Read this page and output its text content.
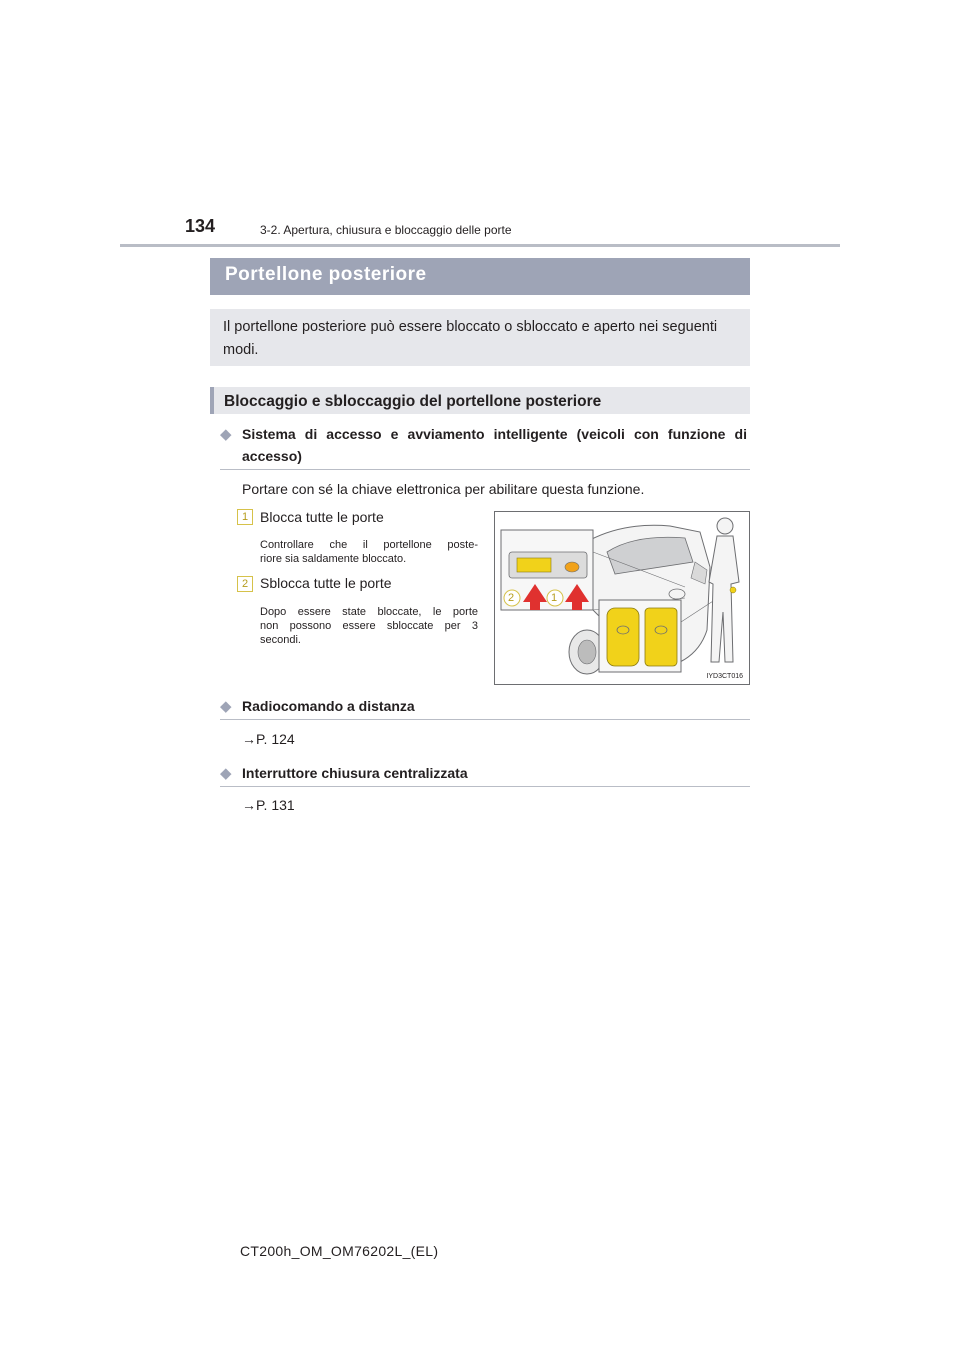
134	3-2. Apertura, chiusura e bloccaggio delle porte
Portellone posteriore
Il portellone posteriore può essere bloccato o sbloccato e aperto nei seguenti modi.
Bloccaggio e sbloccaggio del portellone posteriore
◆ Sistema di accesso e avviamento intelligente (veicoli con funzione di
accesso)
Portare con sé la chiave elettronica per abilitare questa funzione.
1 Blocca tutte le porte
Controllare che il portellone poste-
riore sia saldamente bloccato.
2 Sblocca tutte le porte
Dopo essere state bloccate, le porte
non possono essere sbloccate per 3
secondi.
2	1
IYD3CT016
◆ Radiocomando a distanza
→P. 124
◆ Interruttore chiusura centralizzata
→P. 131
CT200h_OM_OM76202L_(EL)
